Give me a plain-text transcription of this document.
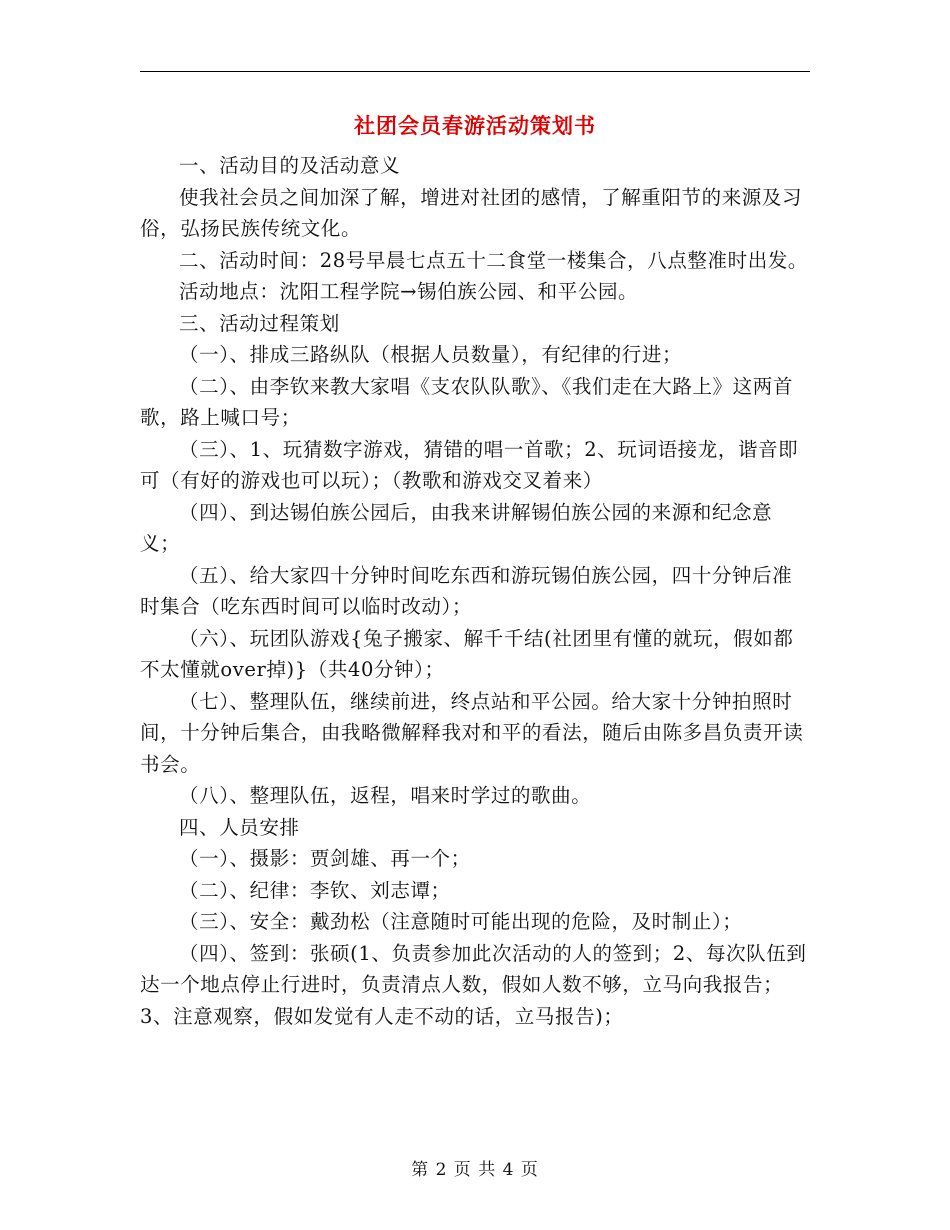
社团会员春游活动策划书

一、活动目的及活动意义

使我社会员之间加深了解，增进对社团的感情，了解重阳节的来源及习俗，弘扬民族传统文化。

二、活动时间：28号早晨七点五十二食堂一楼集合，八点整准时出发。

活动地点：沈阳工程学院→锡伯族公园、和平公园。

三、活动过程策划

（一）、排成三路纵队（根据人员数量），有纪律的行进；

（二）、由李钦来教大家唱《支农队队歌》、《我们走在大路上》这两首歌，路上喊口号；

（三）、1、玩猜数字游戏，猜错的唱一首歌；2、玩词语接龙，谐音即可（有好的游戏也可以玩）；（教歌和游戏交叉着来）

（四）、到达锡伯族公园后，由我来讲解锡伯族公园的来源和纪念意义；

（五）、给大家四十分钟时间吃东西和游玩锡伯族公园，四十分钟后准时集合（吃东西时间可以临时改动）；

（六）、玩团队游戏{兔子搬家、解千千结(社团里有懂的就玩，假如都不太懂就over掉)}（共40分钟）；

（七）、整理队伍，继续前进，终点站和平公园。给大家十分钟拍照时间，十分钟后集合，由我略微解释我对和平的看法，随后由陈多昌负责开读书会。

（八）、整理队伍，返程，唱来时学过的歌曲。

四、人员安排

（一）、摄影：贾剑雄、再一个；

（二）、纪律：李钦、刘志谭；

（三）、安全：戴劲松（注意随时可能出现的危险，及时制止）；

（四）、签到：张硕(1、负责参加此次活动的人的签到；2、每次队伍到达一个地点停止行进时，负责清点人数，假如人数不够，立马向我报告；3、注意观察，假如发觉有人走不动的话，立马报告)；

第 2 页 共 4 页
